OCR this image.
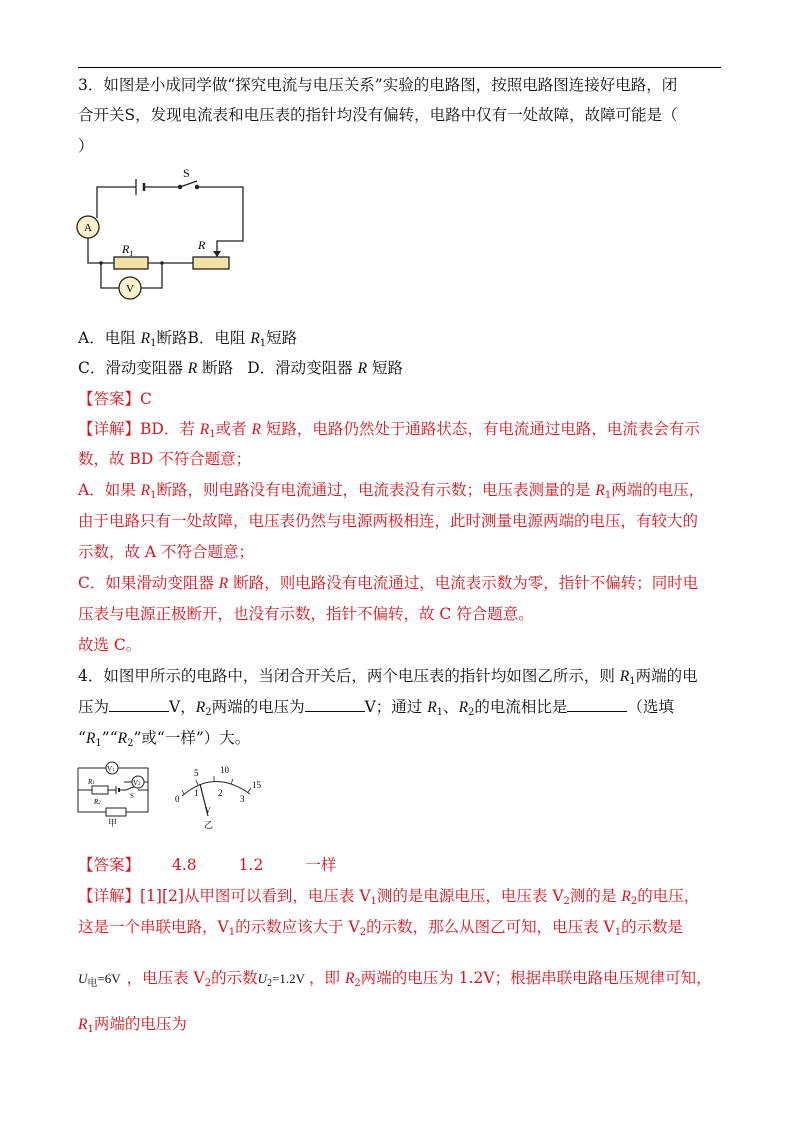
3．如图是小成同学做“探究电流与电压关系”实验的电路图，按照电路图连接好电路，闭
合开关S，发现电流表和电压表的指针均没有偏转，电路中仅有一处故障，故障可能是（
）
S
A
V
$R_1$
R
A．电阻 $R_1$断路B．电阻 $R_1$短路
C．滑动变阻器 R 断路 D．滑动变阻器 R 短路
【答案】C
【详解】BD．若 $R_1$或者 R 短路，电路仍然处于通路状态，有电流通过电路，电流表会有示
数，故 BD 不符合题意；
A．如果 $R_1$断路，则电路没有电流通过，电流表没有示数；电压表测量的是 $R_1$两端的电压，
由于电路只有一处故障，电压表仍然与电源两极相连，此时测量电源两端的电压，有较大的
示数，故 A 不符合题意；
C．如果滑动变阻器 R 断路，则电路没有电流通过，电流表示数为零，指针不偏转；同时电
压表与电源正极断开，也没有示数，指针不偏转，故 C 符合题意。
故选 C。
4．如图甲所示的电路中，当闭合开关后，两个电压表的指针均如图乙所示，则 $R_1$两端的电
压为	V，$R_2$两端的电压为	V；通过 $R_1$、$R_2$的电流相比是	（选填
“$R_1”“R_2$”或“一样”）大。
V1
V2
R1
R2
S
甲
5 10
15
0
1 2
3
V
乙
【答案】 4.8	1.2	一样
【详解】[1][2]从甲图可以看到，电压表 $V_1$测的是电源电压，电压表 $V_2$测的是 $R_2$的电压，
这是一个串联电路，$V_1$的示数应该大于 $V_2$的示数，那么从图乙可知，电压表 $V_1$的示数是
$U_电=6V$ ，电压表 $V_2$的示数$U_2=1.2V$ ，即 $R_2$两端的电压为 1.2V；根据串联电路电压规律可知，
$R_1$两端的电压为
